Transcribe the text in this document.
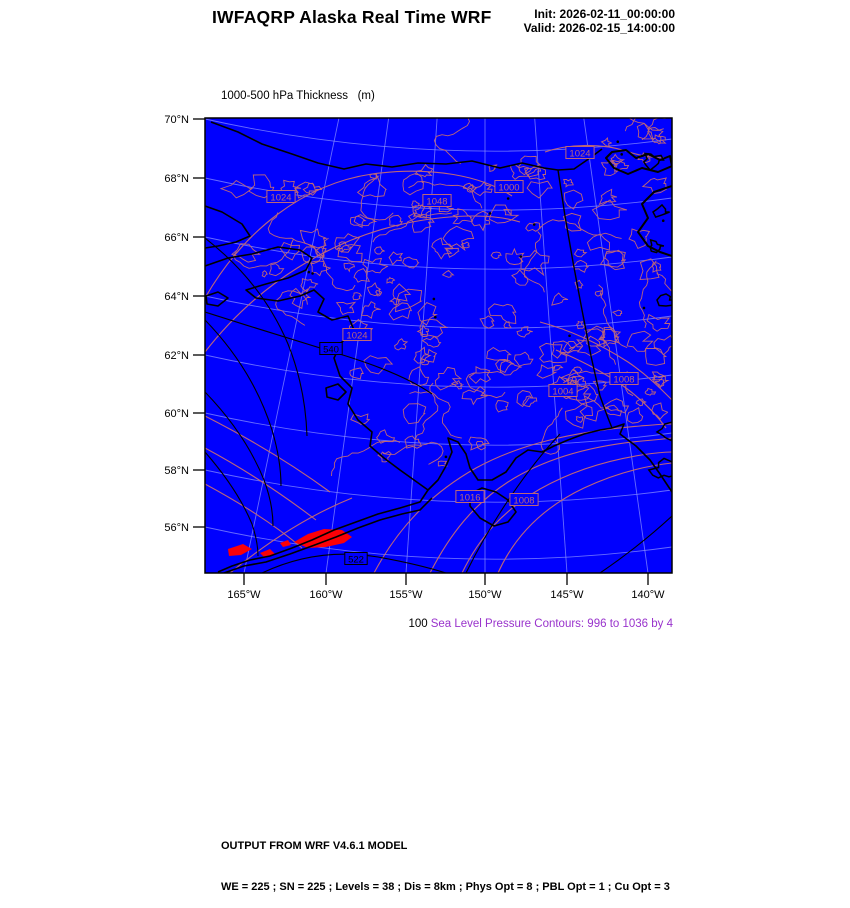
IWFAQRP Alaska Real Time WRF	Init: 2026-02-11_00:00:00
Valid: 2026-02-15_14:00:00

1000-500 hPa Thickness   (m)

1024
1000
1048
1024
1024
1004
1008
1016	1008
540
522
70°N
68°N
66°N
64°N
62°N
60°N
58°N
56°N
165°W	160°W	155°W	150°W	145°W	140°W

100 Sea Level Pressure Contours: 996 to 1036 by 4

OUTPUT FROM WRF V4.6.1 MODEL

WE = 225 ; SN = 225 ; Levels = 38 ; Dis = 8km ; Phys Opt = 8 ; PBL Opt = 1 ; Cu Opt = 3
